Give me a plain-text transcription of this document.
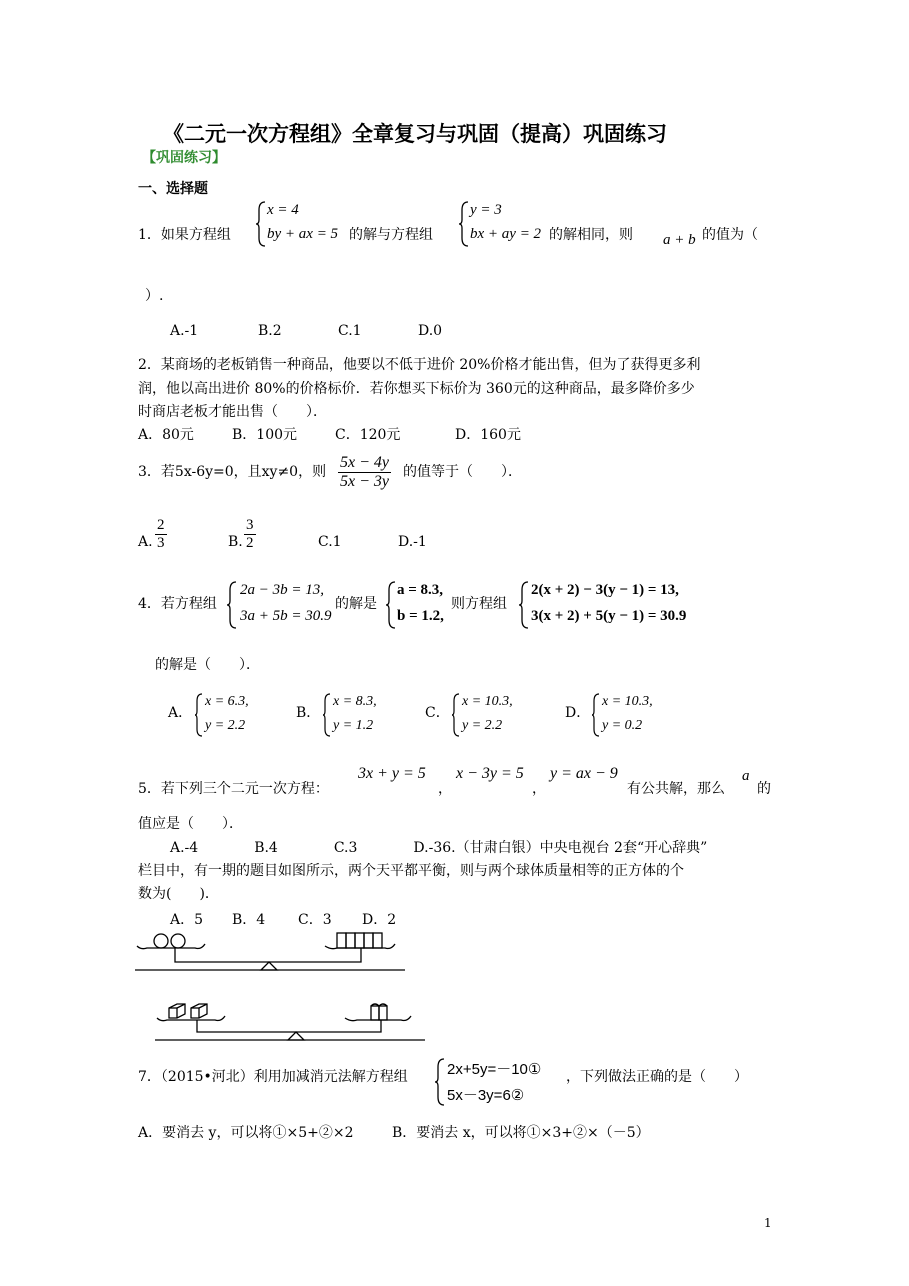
《二元一次方程组》全章复习与巩固（提高）巩固练习
【巩固练习】
一、选择题
1．如果方程组
x = 4
by + ax = 5 的解与方程组
y = 3
bx + ay = 2 的解相同，则 a + b 的值为（
）.
A.-1	B.2	C.1	D.0
2．某商场的老板销售一种商品，他要以不低于进价 20%价格才能出售，但为了获得更多利
润，他以高出进价 80%的价格标价．若你想买下标价为 360元的这种商品，最多降价多少
时商店老板才能出售（　　）．
A．80元	B．100元	C．120元	D．160元
3．若5x-6y=0，且xy≠0，则 $\frac{5x - 4y}{5x - 3y}$ 的值等于（　　）．
A. $\frac{2}{3}$	B. $\frac{3}{2}$	C.1	D.-1
4．若方程组
2a − 3b = 13,
3a + 5b = 30.9
的解是
a = 8.3,
b = 1.2,
则方程组
2(x + 2) − 3(y − 1) = 13,
3(x + 2) + 5(y − 1) = 30.9
的解是（　　）．
A．
x = 6.3,
y = 2.2
B．
x = 8.3,
y = 1.2
C．
x = 10.3,
y = 2.2
D．
x = 10.3,
y = 0.2
5．若下列三个二元一次方程：
3x + y = 5
，
x − 3y = 5
，
y = ax − 9
有公共解，那么
a
的
值应是（　　）．
A.-4　　　　B.4　　　　C.3　　　　D.-36.（甘肃白银）中央电视台 2套“开心辞典”
栏目中，有一期的题目如图所示，两个天平都平衡，则与两个球体质量相等的正方体的个
数为(　　)．
A．5 B．4 C．3 D．2
7．（2015•河北）利用加减消元法解方程组	2x+5y=－10①
5x－3y=6②
，下列做法正确的是（　　）
A．要消去 y，可以将①×5+②×2	B．要消去 x，可以将①×3+②×（－5）
1
